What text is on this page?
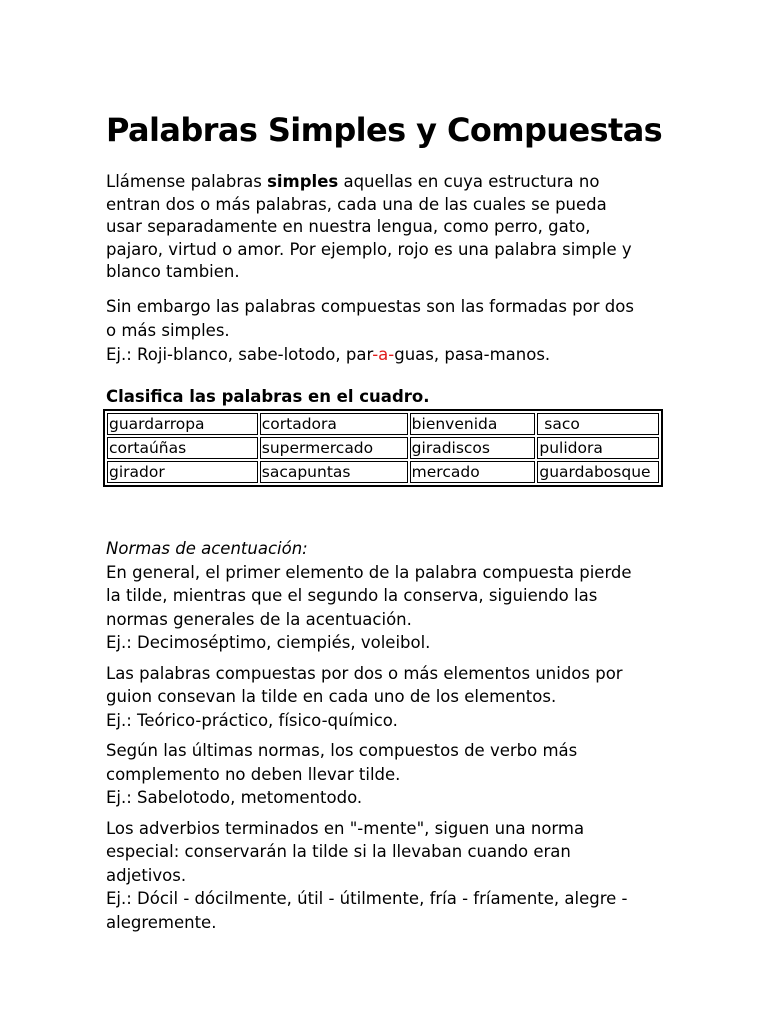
Palabras Simples y Compuestas

Llámense palabras simples aquellas en cuya estructura no
entran dos o más palabras, cada una de las cuales se pueda
usar separadamente en nuestra lengua, como perro, gato,
pajaro, virtud o amor. Por ejemplo, rojo es una palabra simple y
blanco tambien.

Sin embargo las palabras compuestas son las formadas por dos
o más simples.
Ej.: Roji-blanco, sabe-lotodo, par-a-guas, pasa-manos.

Clasifica las palabras en el cuadro.

guardarropa	cortadora	bienvenida	saco
cortaúñas	supermercado	giradiscos	pulidora
girador	sacapuntas	mercado	guardabosque
Normas de acentuación:
En general, el primer elemento de la palabra compuesta pierde
la tilde, mientras que el segundo la conserva, siguiendo las
normas generales de la acentuación.
Ej.: Decimoséptimo, ciempiés, voleibol.
Las palabras compuestas por dos o más elementos unidos por
guion consevan la tilde en cada uno de los elementos.
Ej.: Teórico-práctico, físico-químico.
Según las últimas normas, los compuestos de verbo más
complemento no deben llevar tilde.
Ej.: Sabelotodo, metomentodo.
Los adverbios terminados en "-mente", siguen una norma
especial: conservarán la tilde si la llevaban cuando eran
adjetivos.
Ej.: Dócil - dócilmente, útil - útilmente, fría - fríamente, alegre -
alegremente.
